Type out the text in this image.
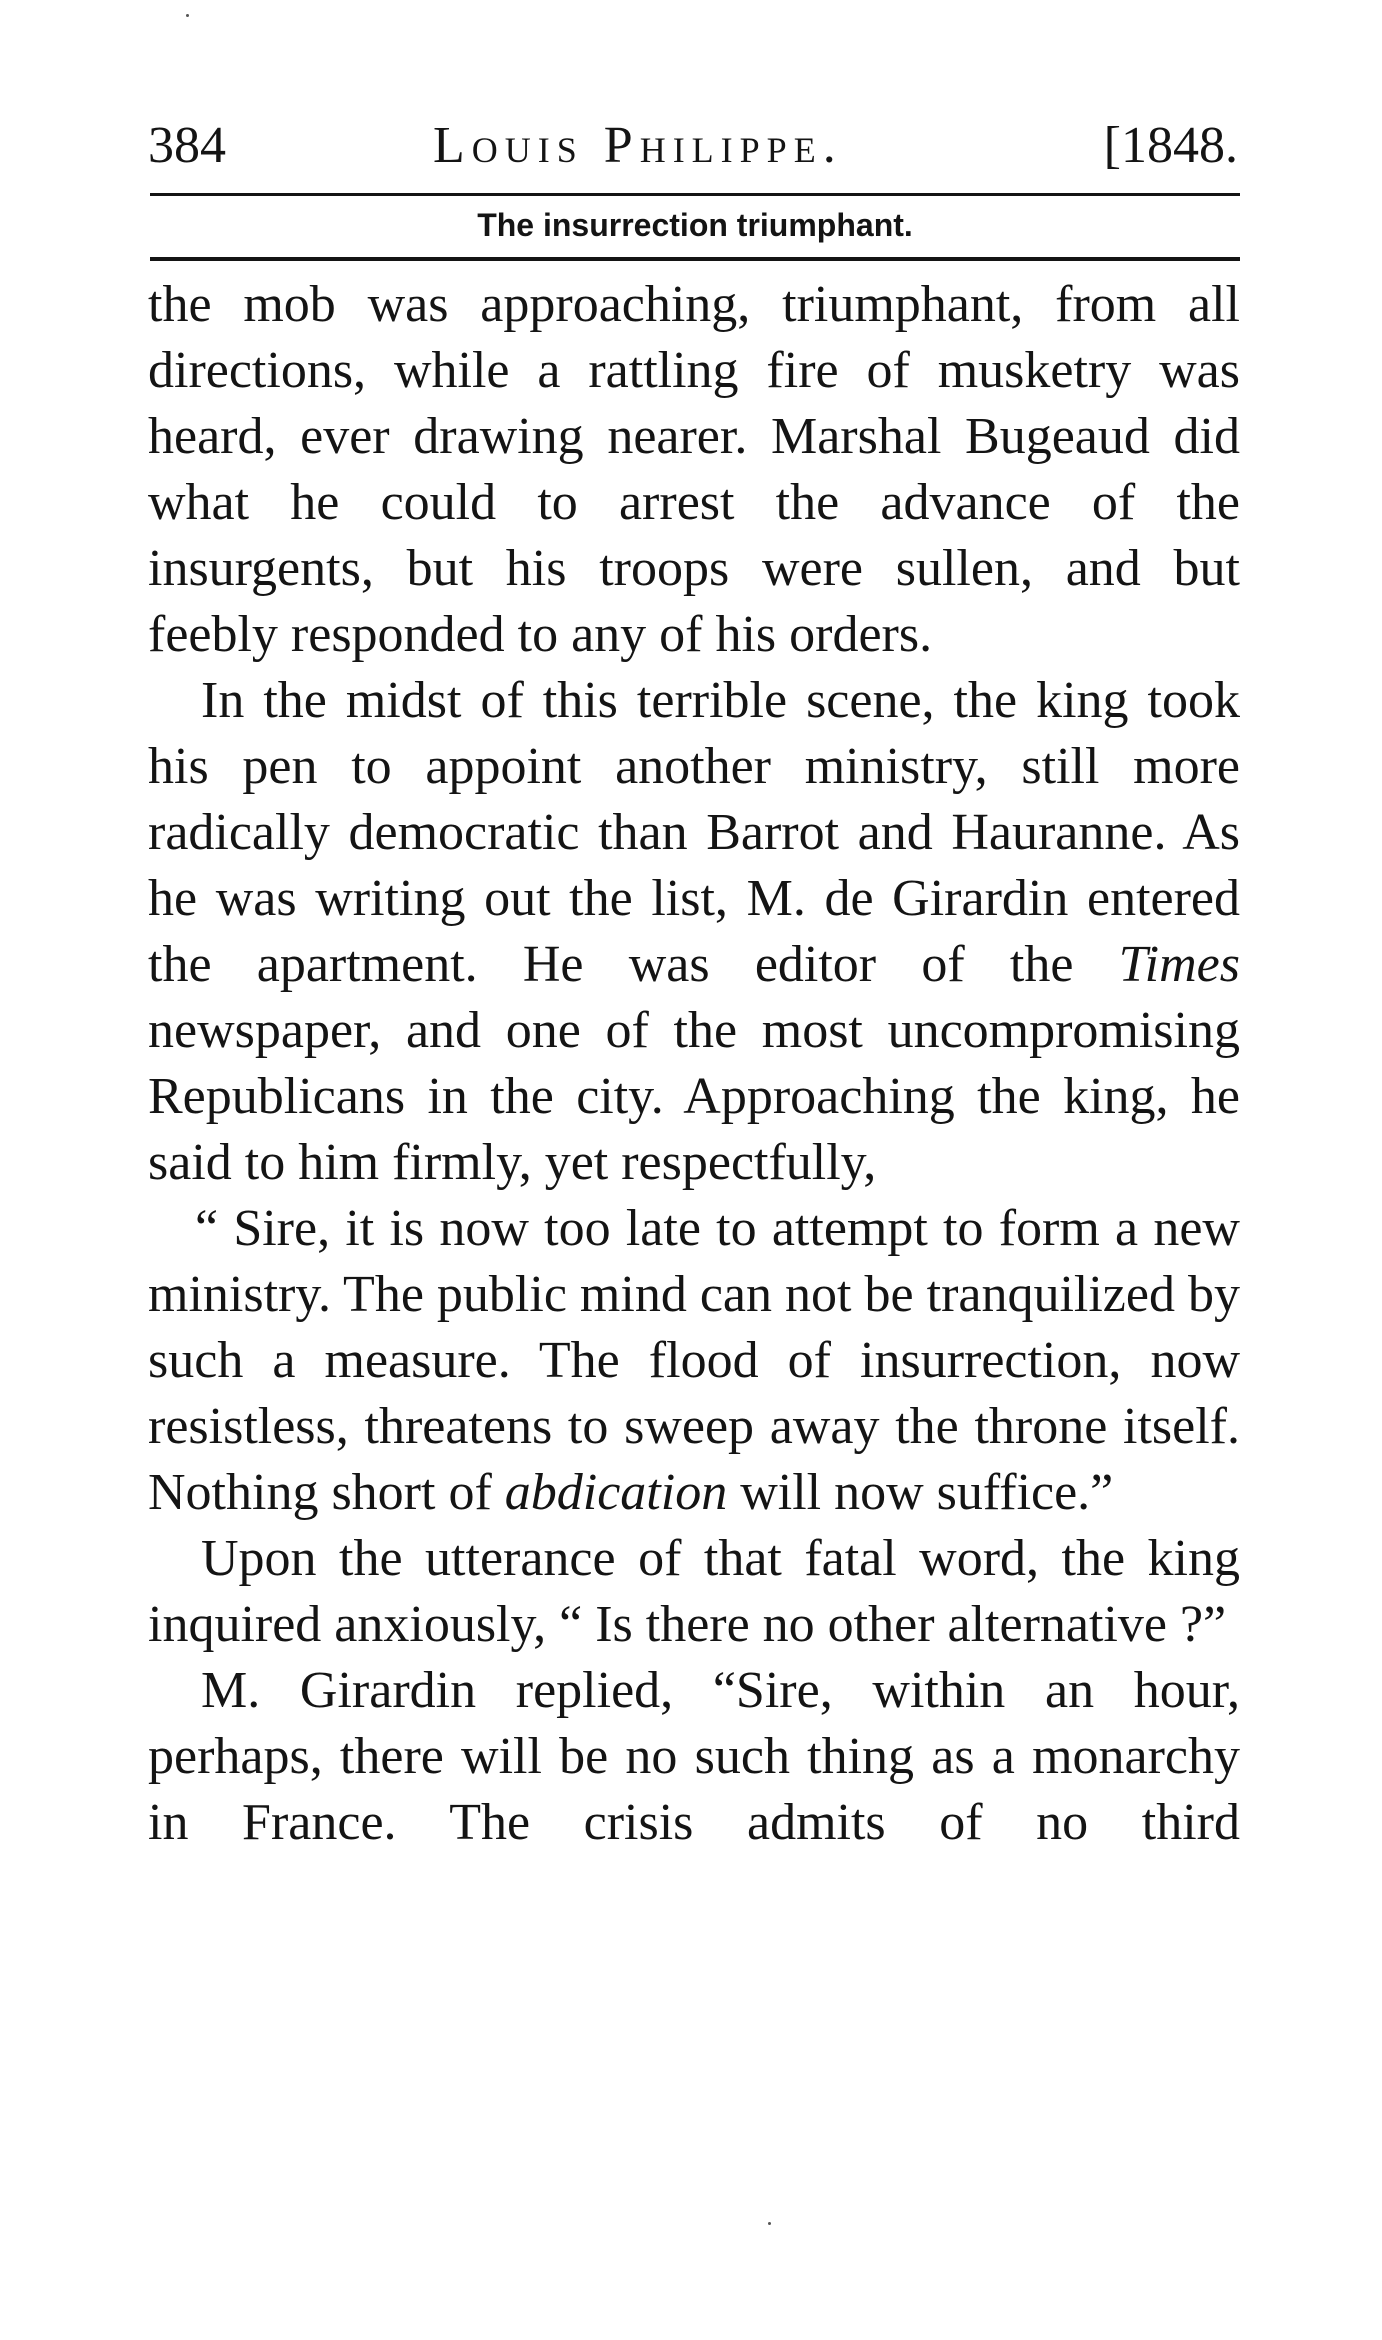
384	Louis Philippe.	[1848.
The insurrection triumphant.

the mob was approaching, triumphant, from all directions, while a rattling fire of musketry was heard, ever drawing nearer. Marshal Bugeaud did what he could to arrest the advance of the insurgents, but his troops were sullen, and but feebly responded to any of his orders.

In the midst of this terrible scene, the king took his pen to appoint another ministry, still more radically democratic than Barrot and Hauranne. As he was writing out the list, M. de Girardin entered the apartment. He was editor of the Times newspaper, and one of the most uncompromising Republicans in the city. Approaching the king, he said to him firmly, yet respectfully,

“ Sire, it is now too late to attempt to form a new ministry. The public mind can not be tranquilized by such a measure. The flood of insurrection, now resistless, threatens to sweep away the throne itself. Nothing short of abdication will now suffice.”

Upon the utterance of that fatal word, the king inquired anxiously, “ Is there no other alternative ?”

M. Girardin replied, “Sire, within an hour, perhaps, there will be no such thing as a monarchy in France. The crisis admits of no third
